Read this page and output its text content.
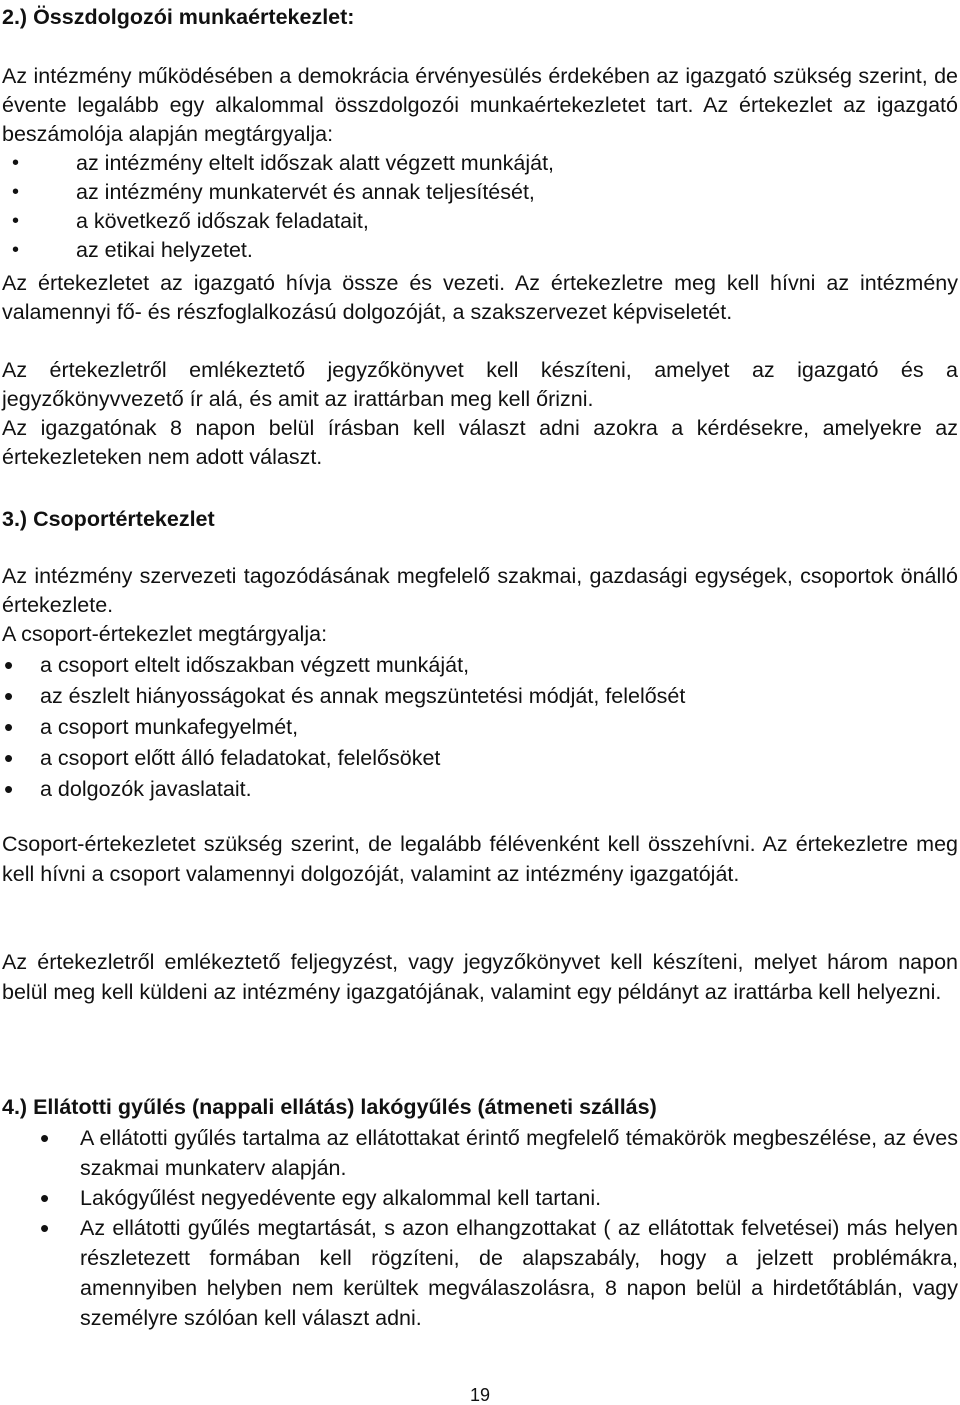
2.) Összdolgozói munkaértekezlet:

Az intézmény működésében a demokrácia érvényesülés érdekében az igazgató szükség szerint, de évente legalább egy alkalommal összdolgozói munkaértekezletet tart. Az értekezlet az igazgató beszámolója alapján megtárgyalja:

• az intézmény eltelt időszak alatt végzett munkáját,
• az intézmény munkatervét és annak teljesítését,
• a következő időszak feladatait,
• az etikai helyzetet.

Az értekezletet az igazgató hívja össze és vezeti. Az értekezletre meg kell hívni az intézmény valamennyi fő- és részfoglalkozású dolgozóját, a szakszervezet képviseletét.

Az értekezletről emlékeztető jegyzőkönyvet kell készíteni, amelyet az igazgató és a jegyzőkönyvvezető ír alá, és amit az irattárban meg kell őrizni.

Az igazgatónak 8 napon belül írásban kell választ adni azokra a kérdésekre, amelyekre az értekezleteken nem adott választ.

3.) Csoportértekezlet

Az intézmény szervezeti tagozódásának megfelelő szakmai, gazdasági egységek, csoportok önálló értekezlete.

A csoport-értekezlet megtárgyalja:

• a csoport eltelt időszakban végzett munkáját,
• az észlelt hiányosságokat és annak megszüntetési módját, felelősét
• a csoport munkafegyelmét,
• a csoport előtt álló feladatokat, felelősöket
• a dolgozók javaslatait.

Csoport-értekezletet szükség szerint, de legalább félévenként kell összehívni. Az értekezletre meg kell hívni a csoport valamennyi dolgozóját, valamint az intézmény igazgatóját.

Az értekezletről emlékeztető feljegyzést, vagy jegyzőkönyvet kell készíteni, melyet három napon belül meg kell küldeni az intézmény igazgatójának, valamint egy példányt az irattárba kell helyezni.

4.) Ellátotti gyűlés (nappali ellátás) lakógyűlés (átmeneti szállás)
• A ellátotti gyűlés tartalma az ellátottakat érintő megfelelő témakörök megbeszélése, az éves szakmai munkaterv alapján.
• Lakógyűlést negyedévente egy alkalommal kell tartani.
• Az ellátotti gyűlés megtartását, s azon elhangzottakat ( az ellátottak felvetései) más helyen részletezett formában kell rögzíteni, de alapszabály, hogy a jelzett problémákra, amennyiben helyben nem kerültek megválaszolásra, 8 napon belül a hirdetőtáblán, vagy személyre szólóan kell választ adni.
19
